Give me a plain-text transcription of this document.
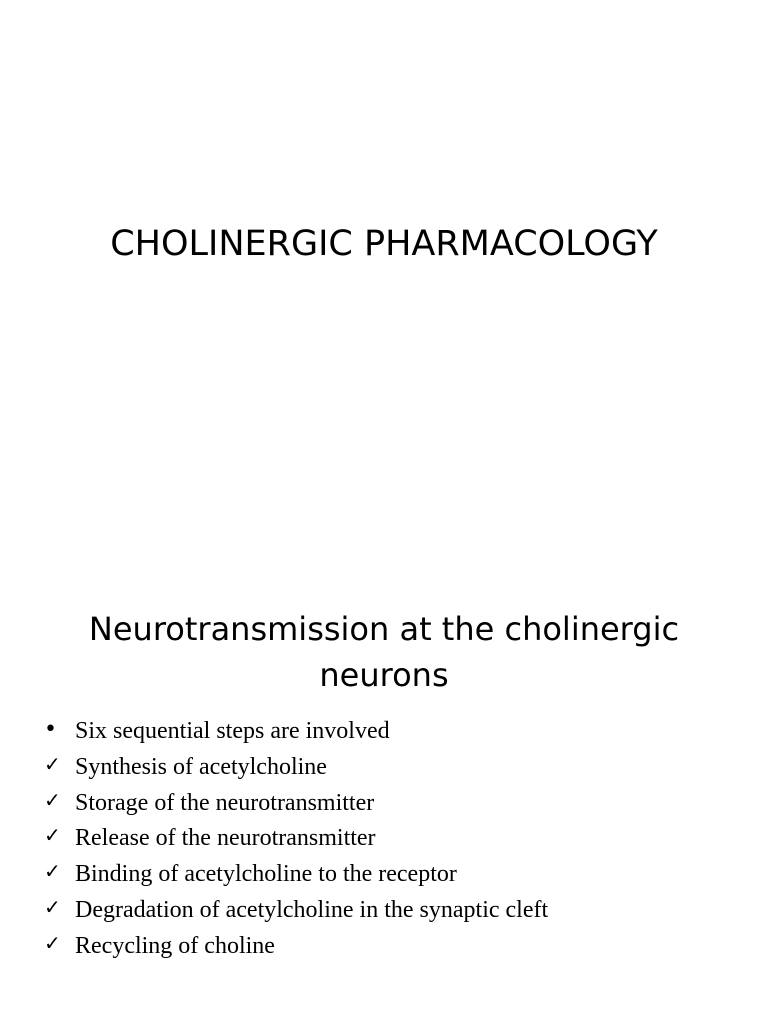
CHOLINERGIC PHARMACOLOGY
Neurotransmission at the cholinergic neurons
• Six sequential steps are involved
✓ Synthesis of acetylcholine
✓ Storage of the neurotransmitter
✓ Release of the neurotransmitter
✓ Binding of acetylcholine to the receptor
✓ Degradation of acetylcholine in the synaptic cleft
✓ Recycling of choline
